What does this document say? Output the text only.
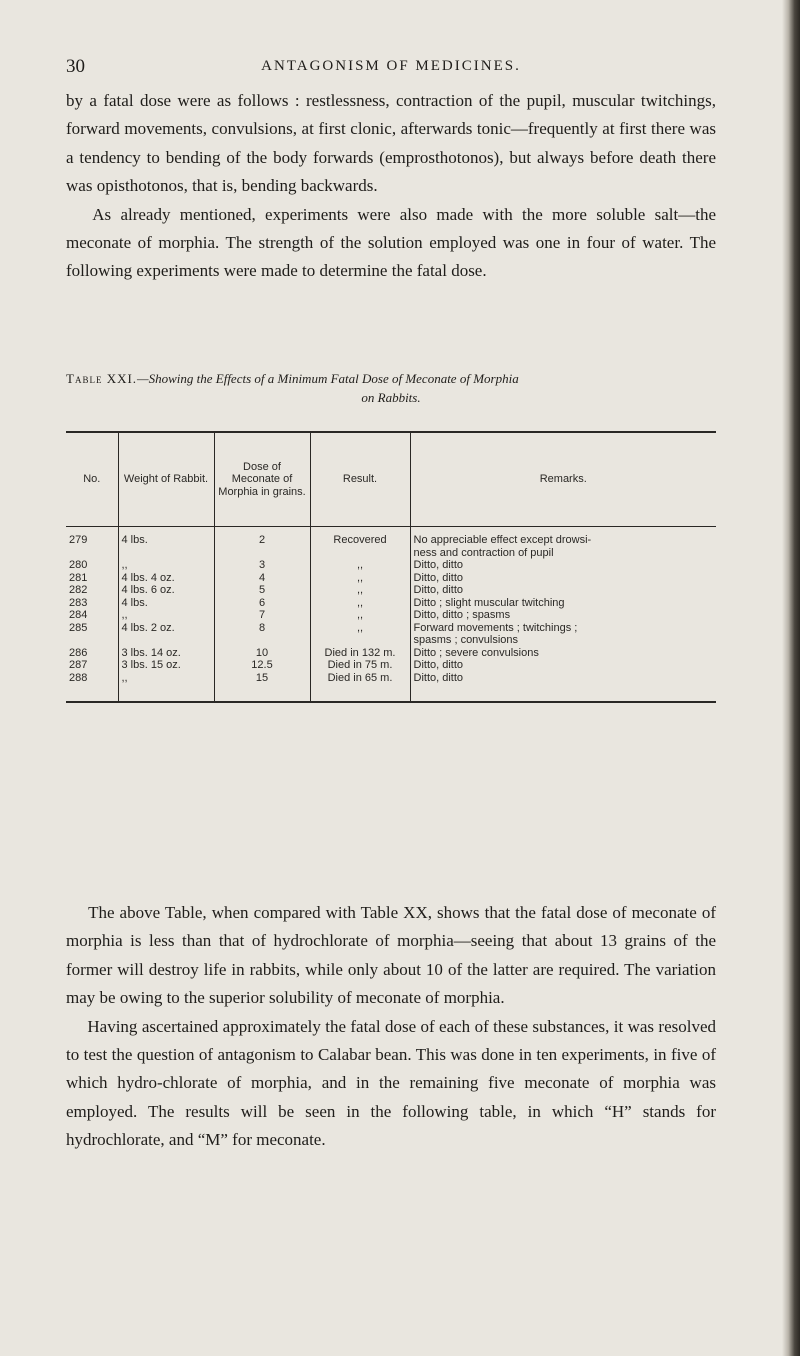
30	ANTAGONISM OF MEDICINES.

by a fatal dose were as follows : restlessness, contraction of the pupil, muscular twitchings, forward movements, convulsions, at first clonic, afterwards tonic—frequently at first there was a tendency to bending of the body forwards (emprosthotonos), but always before death there was opisthotonos, that is, bending backwards.
  As already mentioned, experiments were also made with the more soluble salt—the meconate of morphia. The strength of the solution employed was one in four of water. The following experiments were made to determine the fatal dose.

Table XXI.—Showing the Effects of a Minimum Fatal Dose of Meconate of Morphia
on Rabbits.
No.	Weight of Rabbit.	Dose of Meconate of Morphia in grains.	Result.	Remarks.
279	4 lbs.	2	Recovered	No appreciable effect except drowsi-
				ness and contraction of pupil
280	,,	3	,,	Ditto, ditto
281	4 lbs. 4 oz.	4	,,	Ditto, ditto
282	4 lbs. 6 oz.	5	,,	Ditto, ditto
283	4 lbs.	6	,,	Ditto ; slight muscular twitching
284	,,	7	,,	Ditto, ditto ; spasms
285	4 lbs. 2 oz.	8	,,	Forward movements ; twitchings ;
				spasms ; convulsions
286	3 lbs. 14 oz.	10	Died in 132 m.	Ditto ; severe convulsions
287	3 lbs. 15 oz.	12.5	Died in 75 m.	Ditto, ditto
288	,,	15	Died in 65 m.	Ditto, ditto

  The above Table, when compared with Table XX, shows that the fatal dose of meconate of morphia is less than that of hydrochlorate of morphia—seeing that about 13 grains of the former will destroy life in rabbits, while only about 10 of the latter are required. The variation may be owing to the superior solubility of meconate of morphia.
  Having ascertained approximately the fatal dose of each of these substances, it was resolved to test the question of antagonism to Calabar bean. This was done in ten experiments, in five of which hydro-chlorate of morphia, and in the remaining five meconate of morphia was employed. The results will be seen in the following table, in which “H” stands for hydrochlorate, and “M” for meconate.
